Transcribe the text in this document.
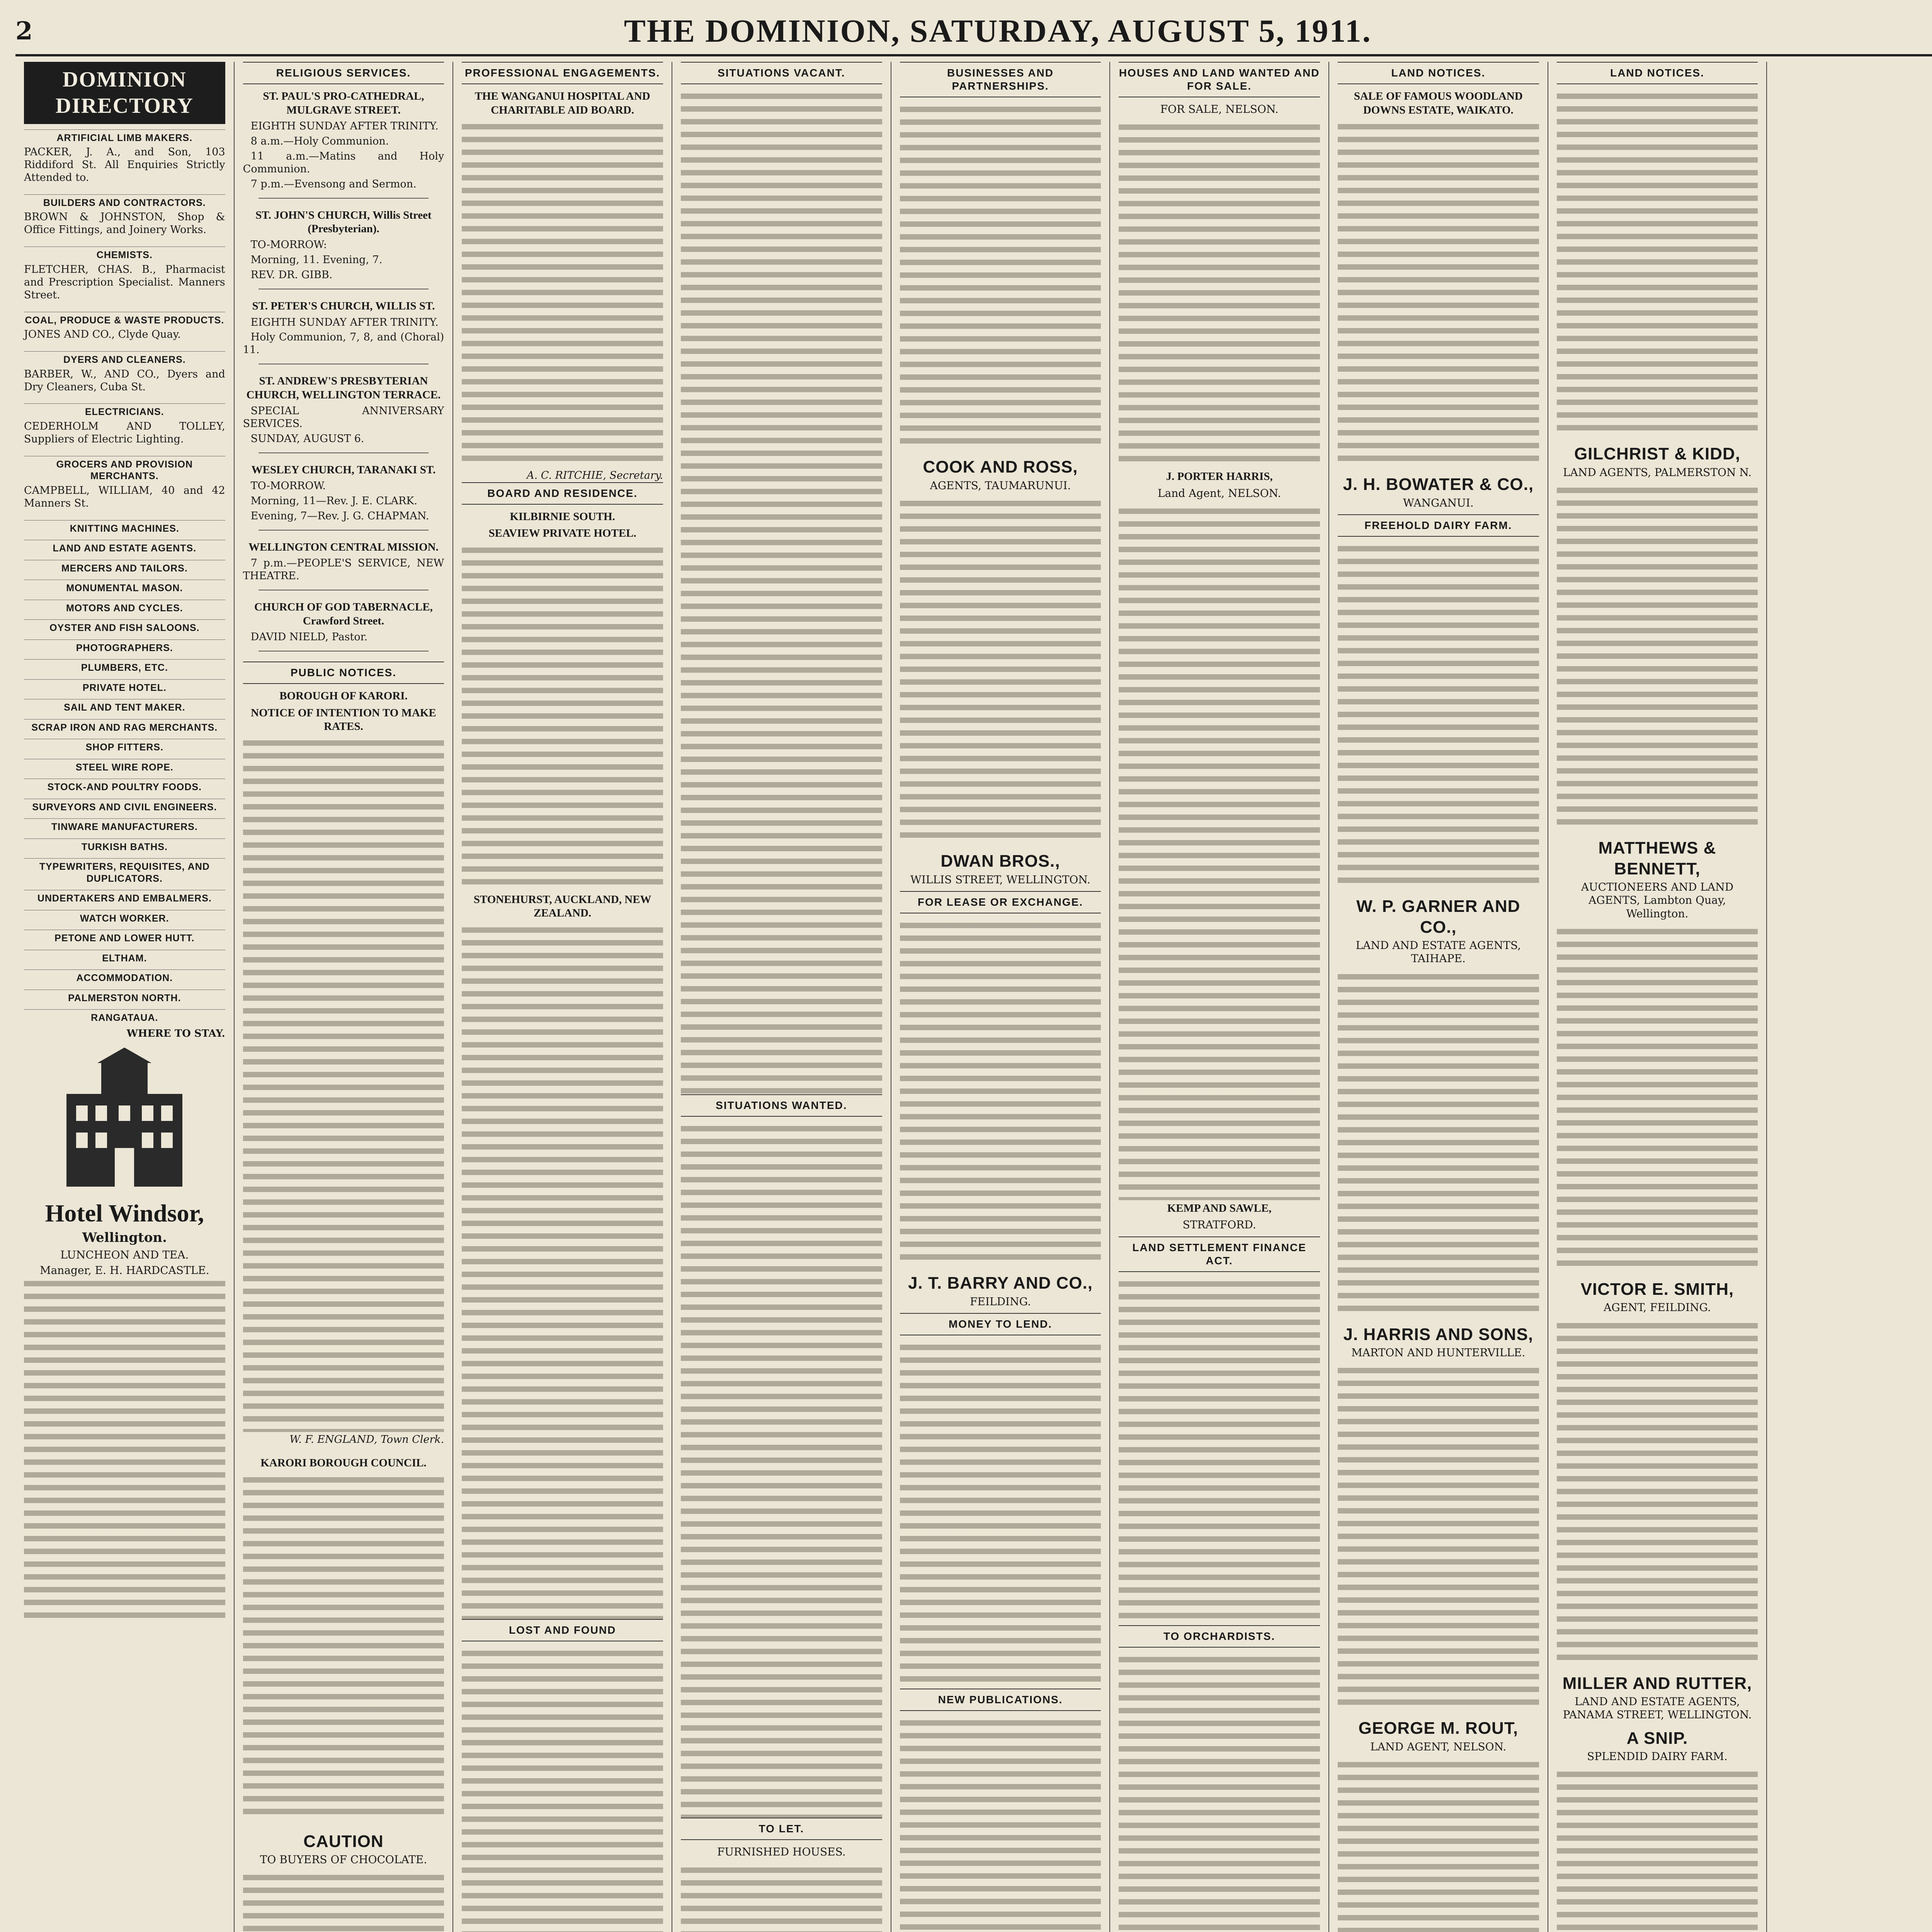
2	THE DOMINION, SATURDAY, AUGUST 5, 1911.
DOMINION DIRECTORY
ARTIFICIAL LIMB MAKERS.
PACKER, J. A., and Son, 103 Riddiford St. All Enquiries Strictly Attended to.
BUILDERS AND CONTRACTORS.
BROWN & JOHNSTON, Shop & Office Fittings, and Joinery Works.
CHEMISTS.
FLETCHER, CHAS. B., Pharmacist and Prescription Specialist. Manners Street.
COAL, PRODUCE & WASTE PRODUCTS.
JONES AND CO., Clyde Quay.
DYERS AND CLEANERS.
BARBER, W., AND CO., Dyers and Dry Cleaners, Cuba St.
ELECTRICIANS.
CEDERHOLM AND TOLLEY, Suppliers of Electric Lighting.
GROCERS AND PROVISION MERCHANTS.
CAMPBELL, WILLIAM, 40 and 42 Manners St.
KNITTING MACHINES.
LAND AND ESTATE AGENTS.
MERCERS AND TAILORS.
MONUMENTAL MASON.
MOTORS AND CYCLES.
OYSTER AND FISH SALOONS.
PHOTOGRAPHERS.
PLUMBERS, ETC.
PRIVATE HOTEL.
SAIL AND TENT MAKER.
SCRAP IRON AND RAG MERCHANTS.
SHOP FITTERS.
STEEL WIRE ROPE.
STOCK-AND POULTRY FOODS.
SURVEYORS AND CIVIL ENGINEERS.
TINWARE MANUFACTURERS.
TURKISH BATHS.
TYPEWRITERS, REQUISITES, AND DUPLICATORS.
UNDERTAKERS AND EMBALMERS.
WATCH WORKER.
PETONE AND LOWER HUTT.
ELTHAM.
ACCOMMODATION.
PALMERSTON NORTH.
RANGATAUA.
WHERE TO STAY.
Hotel Windsor,
Wellington.
LUNCHEON AND TEA.
Manager, E. H. HARDCASTLE.
RELIGIOUS SERVICES.
ST. PAUL'S PRO-CATHEDRAL, MULGRAVE STREET.

EIGHTH SUNDAY AFTER TRINITY.

8 a.m.—Holy Communion.

11 a.m.—Matins and Holy Communion.

7 p.m.—Evensong and Sermon.

ST. JOHN'S CHURCH, Willis Street (Presbyterian).

TO-MORROW:

Morning, 11. Evening, 7.

REV. DR. GIBB.

ST. PETER'S CHURCH, WILLIS ST.

EIGHTH SUNDAY AFTER TRINITY.

Holy Communion, 7, 8, and (Choral) 11.

ST. ANDREW'S PRESBYTERIAN CHURCH, WELLINGTON TERRACE.

SPECIAL ANNIVERSARY SERVICES.

SUNDAY, AUGUST 6.

WESLEY CHURCH, TARANAKI ST.

TO-MORROW.

Morning, 11—Rev. J. E. CLARK.

Evening, 7—Rev. J. G. CHAPMAN.

WELLINGTON CENTRAL MISSION.

7 p.m.—PEOPLE'S SERVICE, NEW THEATRE.

CHURCH OF GOD TABERNACLE, Crawford Street.

DAVID NIELD, Pastor.

PUBLIC NOTICES.
BOROUGH OF KARORI.
NOTICE OF INTENTION TO MAKE RATES.
W. F. ENGLAND, Town Clerk.
KARORI BOROUGH COUNCIL.
CAUTION
TO BUYERS OF CHOCOLATE.
PROFESSIONAL ENGAGEMENTS.
THE WANGANUI HOSPITAL AND CHARITABLE AID BOARD.
A. C. RITCHIE, Secretary.
BOARD AND RESIDENCE.
KILBIRNIE SOUTH.
SEAVIEW PRIVATE HOTEL.
STONEHURST, AUCKLAND, NEW ZEALAND.
LOST AND FOUND
SITUATIONS VACANT.
SITUATIONS WANTED.
TO LET.
FURNISHED HOUSES.
BUSINESSES AND PARTNERSHIPS.
COOK AND ROSS,
AGENTS, TAUMARUNUI.
DWAN BROS.,
WILLIS STREET, WELLINGTON.
FOR LEASE OR EXCHANGE.
J. T. BARRY AND CO.,
FEILDING.
MONEY TO LEND.
NEW PUBLICATIONS.
HOUSES AND LAND WANTED AND FOR SALE.
FOR SALE, NELSON.
J. PORTER HARRIS,
Land Agent, NELSON.
KEMP AND SAWLE,
STRATFORD.
LAND SETTLEMENT FINANCE ACT.
TO ORCHARDISTS.
LAND NOTICES.
SALE OF FAMOUS WOODLAND DOWNS ESTATE, WAIKATO.
J. H. BOWATER & CO.,
WANGANUI.
FREEHOLD DAIRY FARM.
W. P. GARNER AND CO.,
LAND AND ESTATE AGENTS, TAIHAPE.
J. HARRIS AND SONS,
MARTON AND HUNTERVILLE.
GEORGE M. ROUT,
LAND AGENT, NELSON.
LAND NOTICES.
GILCHRIST & KIDD,
LAND AGENTS, PALMERSTON N.
MATTHEWS & BENNETT,
AUCTIONEERS AND LAND AGENTS, Lambton Quay, Wellington.
VICTOR E. SMITH,
AGENT, FEILDING.
MILLER AND RUTTER,
LAND AND ESTATE AGENTS, PANAMA STREET, WELLINGTON.
A SNIP.
SPLENDID DAIRY FARM.
